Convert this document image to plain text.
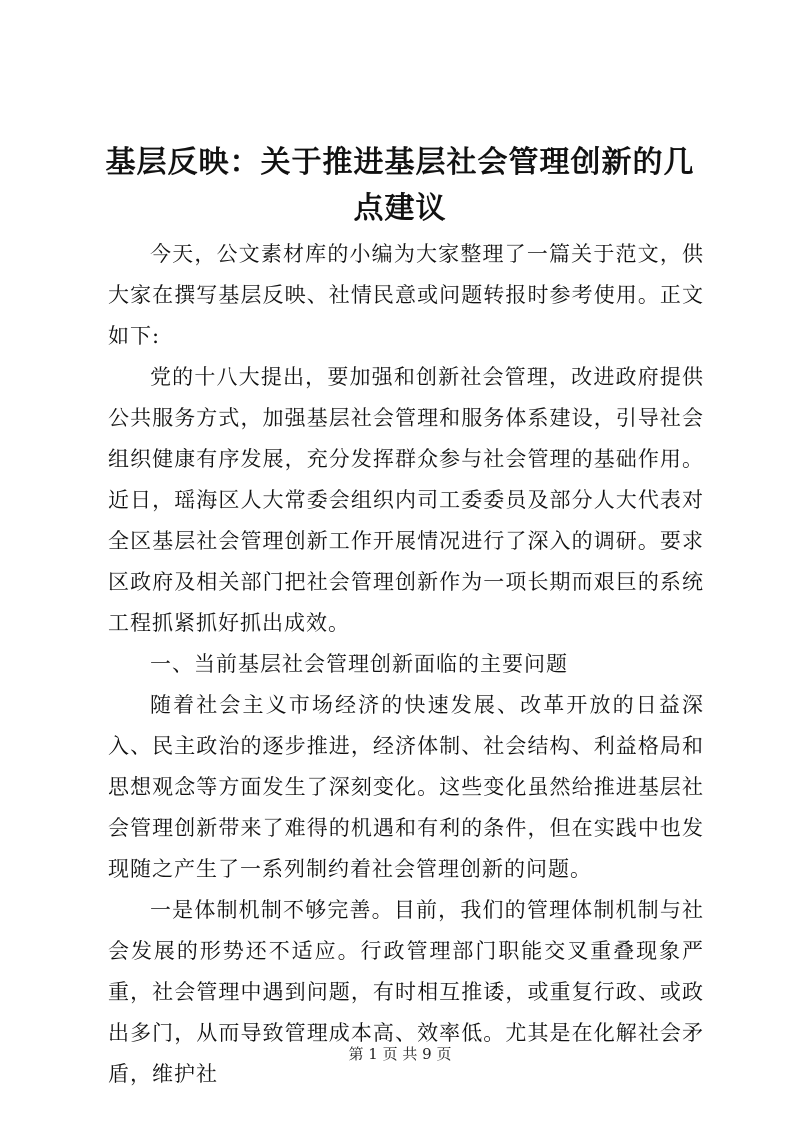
基层反映：关于推进基层社会管理创新的几点建议

今天，公文素材库的小编为大家整理了一篇关于范文，供大家在撰写基层反映、社情民意或问题转报时参考使用。正文如下:

党的十八大提出，要加强和创新社会管理，改进政府提供公共服务方式，加强基层社会管理和服务体系建设，引导社会组织健康有序发展，充分发挥群众参与社会管理的基础作用。近日，瑶海区人大常委会组织内司工委委员及部分人大代表对全区基层社会管理创新工作开展情况进行了深入的调研。要求区政府及相关部门把社会管理创新作为一项长期而艰巨的系统工程抓紧抓好抓出成效。

一、当前基层社会管理创新面临的主要问题

随着社会主义市场经济的快速发展、改革开放的日益深入、民主政治的逐步推进，经济体制、社会结构、利益格局和思想观念等方面发生了深刻变化。这些变化虽然给推进基层社会管理创新带来了难得的机遇和有利的条件，但在实践中也发现随之产生了一系列制约着社会管理创新的问题。

一是体制机制不够完善。目前，我们的管理体制机制与社会发展的形势还不适应。行政管理部门职能交叉重叠现象严重，社会管理中遇到问题，有时相互推诿，或重复行政、或政出多门，从而导致管理成本高、效率低。尤其是在化解社会矛盾，维护社

第 1 页 共 9 页
